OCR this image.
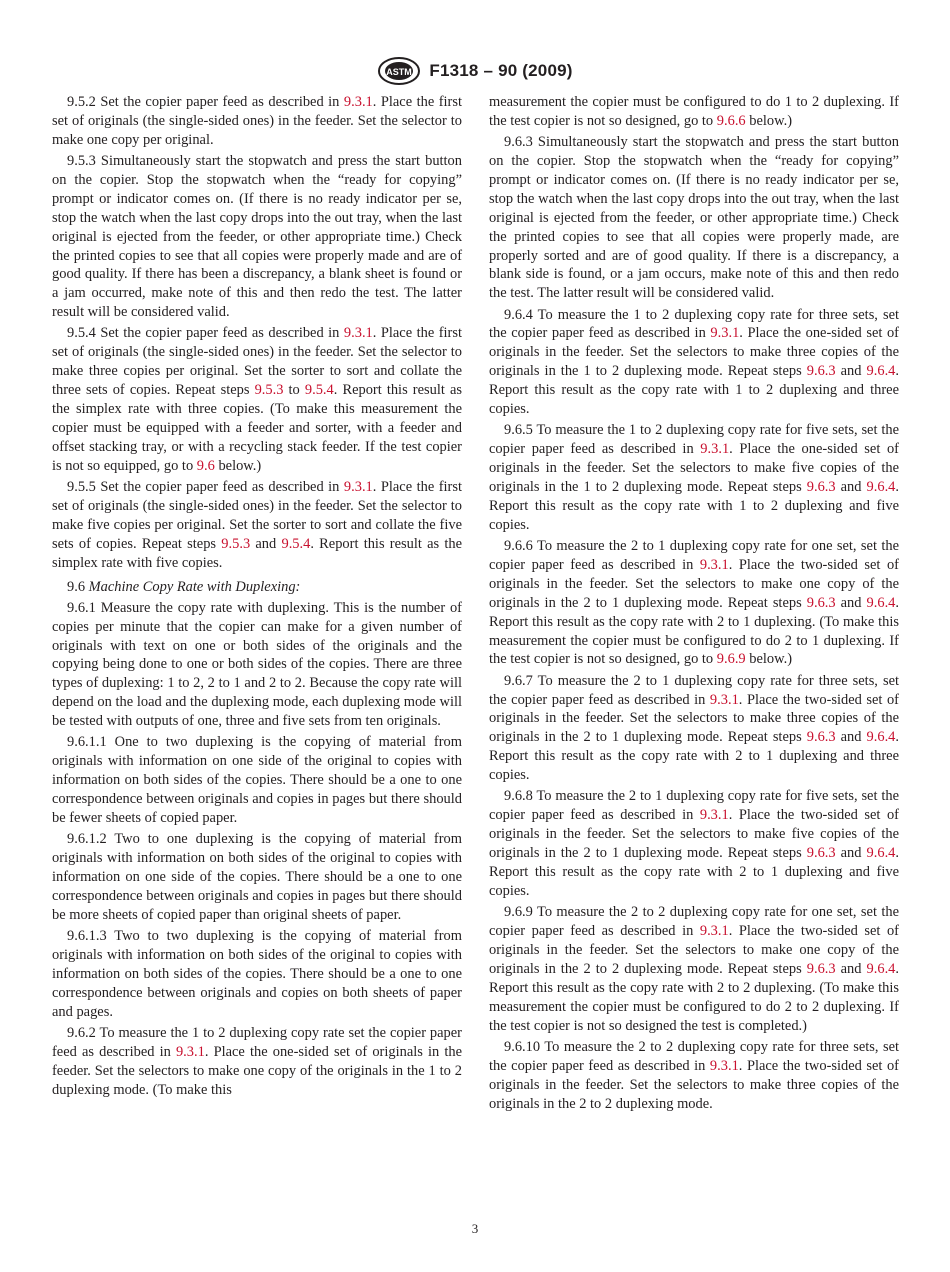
ASTM F1318 – 90 (2009)

9.5.2 Set the copier paper feed as described in 9.3.1. Place the first set of originals (the single-sided ones) in the feeder. Set the selector to make one copy per original.

9.5.3 Simultaneously start the stopwatch and press the start button on the copier. Stop the stopwatch when the “ready for copying” prompt or indicator comes on. (If there is no ready indicator per se, stop the watch when the last copy drops into the out tray, when the last original is ejected from the feeder, or other appropriate time.) Check the printed copies to see that all copies were properly made and are of good quality. If there has been a discrepancy, a blank sheet is found or a jam occurred, make note of this and then redo the test. The latter result will be considered valid.

9.5.4 Set the copier paper feed as described in 9.3.1. Place the first set of originals (the single-sided ones) in the feeder. Set the selector to make three copies per original. Set the sorter to sort and collate the three sets of copies. Repeat steps 9.5.3 to 9.5.4. Report this result as the simplex rate with three copies. (To make this measurement the copier must be equipped with a feeder and sorter, with a feeder and offset stacking tray, or with a recycling stack feeder. If the test copier is not so equipped, go to 9.6 below.)

9.5.5 Set the copier paper feed as described in 9.3.1. Place the first set of originals (the single-sided ones) in the feeder. Set the selector to make five copies per original. Set the sorter to sort and collate the five sets of copies. Repeat steps 9.5.3 and 9.5.4. Report this result as the simplex rate with five copies.

9.6 Machine Copy Rate with Duplexing:

9.6.1 Measure the copy rate with duplexing. This is the number of copies per minute that the copier can make for a given number of originals with text on one or both sides of the originals and the copying being done to one or both sides of the copies. There are three types of duplexing: 1 to 2, 2 to 1 and 2 to 2. Because the copy rate will depend on the load and the duplexing mode, each duplexing mode will be tested with outputs of one, three and five sets from ten originals.

9.6.1.1 One to two duplexing is the copying of material from originals with information on one side of the original to copies with information on both sides of the copies. There should be a one to one correspondence between originals and copies in pages but there should be fewer sheets of copied paper.

9.6.1.2 Two to one duplexing is the copying of material from originals with information on both sides of the original to copies with information on one side of the copies. There should be a one to one correspondence between originals and copies in pages but there should be more sheets of copied paper than original sheets of paper.

9.6.1.3 Two to two duplexing is the copying of material from originals with information on both sides of the original to copies with information on both sides of the copies. There should be a one to one correspondence between originals and copies on both sheets of paper and pages.

9.6.2 To measure the 1 to 2 duplexing copy rate set the copier paper feed as described in 9.3.1. Place the one-sided set of originals in the feeder. Set the selectors to make one copy of the originals in the 1 to 2 duplexing mode. (To make this

measurement the copier must be configured to do 1 to 2 duplexing. If the test copier is not so designed, go to 9.6.6 below.)

9.6.3 Simultaneously start the stopwatch and press the start button on the copier. Stop the stopwatch when the “ready for copying” prompt or indicator comes on. (If there is no ready indicator per se, stop the watch when the last copy drops into the out tray, when the last original is ejected from the feeder, or other appropriate time.) Check the printed copies to see that all copies were properly made, are properly sorted and are of good quality. If there is a discrepancy, a blank side is found, or a jam occurs, make note of this and then redo the test. The latter result will be considered valid.

9.6.4 To measure the 1 to 2 duplexing copy rate for three sets, set the copier paper feed as described in 9.3.1. Place the one-sided set of originals in the feeder. Set the selectors to make three copies of the originals in the 1 to 2 duplexing mode. Repeat steps 9.6.3 and 9.6.4. Report this result as the copy rate with 1 to 2 duplexing and three copies.

9.6.5 To measure the 1 to 2 duplexing copy rate for five sets, set the copier paper feed as described in 9.3.1. Place the one-sided set of originals in the feeder. Set the selectors to make five copies of the originals in the 1 to 2 duplexing mode. Repeat steps 9.6.3 and 9.6.4. Report this result as the copy rate with 1 to 2 duplexing and five copies.

9.6.6 To measure the 2 to 1 duplexing copy rate for one set, set the copier paper feed as described in 9.3.1. Place the two-sided set of originals in the feeder. Set the selectors to make one copy of the originals in the 2 to 1 duplexing mode. Repeat steps 9.6.3 and 9.6.4. Report this result as the copy rate with 2 to 1 duplexing. (To make this measurement the copier must be configured to do 2 to 1 duplexing. If the test copier is not so designed, go to 9.6.9 below.)

9.6.7 To measure the 2 to 1 duplexing copy rate for three sets, set the copier paper feed as described in 9.3.1. Place the two-sided set of originals in the feeder. Set the selectors to make three copies of the originals in the 2 to 1 duplexing mode. Repeat steps 9.6.3 and 9.6.4. Report this result as the copy rate with 2 to 1 duplexing and three copies.

9.6.8 To measure the 2 to 1 duplexing copy rate for five sets, set the copier paper feed as described in 9.3.1. Place the two-sided set of originals in the feeder. Set the selectors to make five copies of the originals in the 2 to 1 duplexing mode. Repeat steps 9.6.3 and 9.6.4. Report this result as the copy rate with 2 to 1 duplexing and five copies.

9.6.9 To measure the 2 to 2 duplexing copy rate for one set, set the copier paper feed as described in 9.3.1. Place the two-sided set of originals in the feeder. Set the selectors to make one copy of the originals in the 2 to 2 duplexing mode. Repeat steps 9.6.3 and 9.6.4. Report this result as the copy rate with 2 to 2 duplexing. (To make this measurement the copier must be configured to do 2 to 2 duplexing. If the test copier is not so designed the test is completed.)

9.6.10 To measure the 2 to 2 duplexing copy rate for three sets, set the copier paper feed as described in 9.3.1. Place the two-sided set of originals in the feeder. Set the selectors to make three copies of the originals in the 2 to 2 duplexing mode.

3
